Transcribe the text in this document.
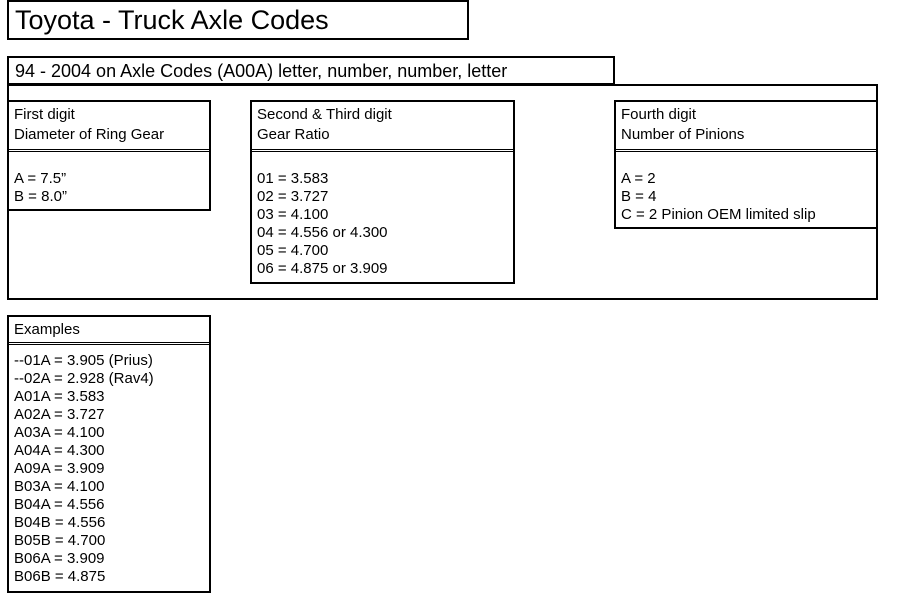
Toyota - Truck Axle Codes
94 - 2004 on Axle Codes (A00A) letter, number, number, letter
First digit
Diameter of Ring Gear
A = 7.5”
B = 8.0”
Second & Third digit
Gear Ratio
01 = 3.583
02 = 3.727
03 = 4.100
04 = 4.556 or 4.300
05 = 4.700
06 = 4.875 or 3.909
Fourth digit
Number of Pinions
A = 2
B = 4
C = 2 Pinion OEM limited slip
Examples
--01A = 3.905 (Prius)
--02A = 2.928 (Rav4)
A01A = 3.583
A02A = 3.727
A03A = 4.100
A04A = 4.300
A09A = 3.909
B03A = 4.100
B04A = 4.556
B04B = 4.556
B05B = 4.700
B06A = 3.909
B06B = 4.875
